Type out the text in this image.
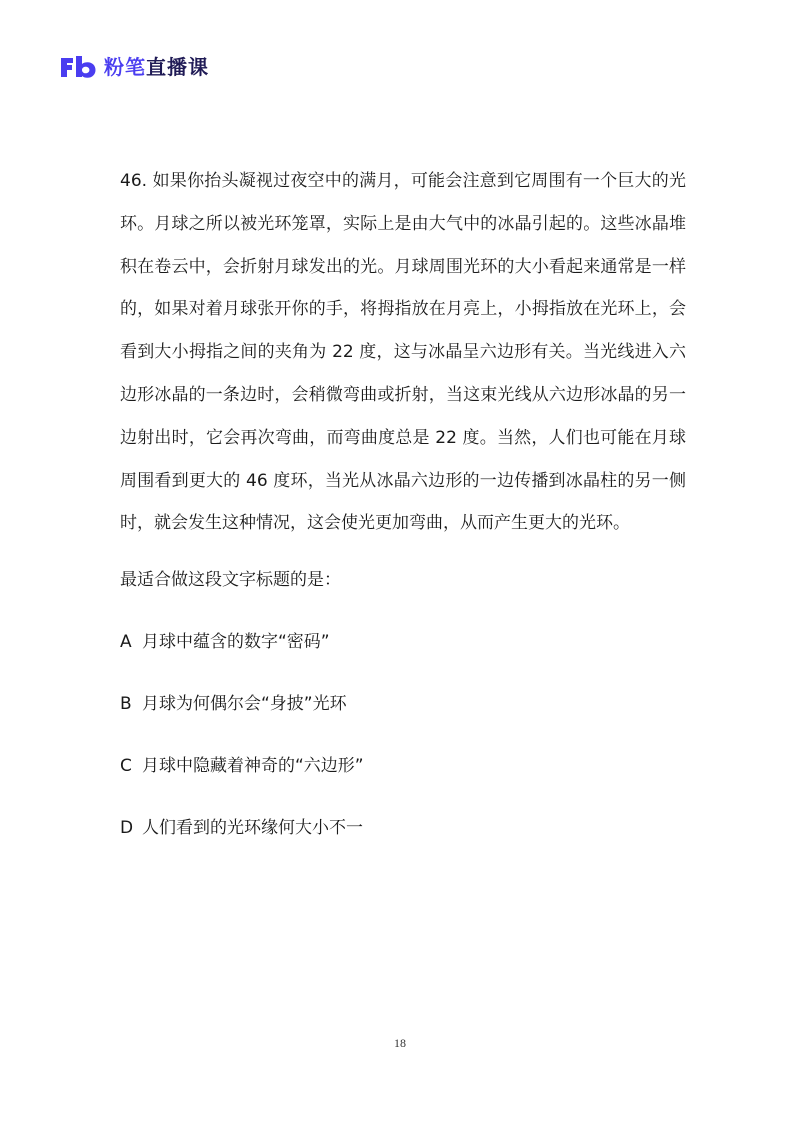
粉笔直播课

46. 如果你抬头凝视过夜空中的满月，可能会注意到它周围有一个巨大的光环。月球之所以被光环笼罩，实际上是由大气中的冰晶引起的。这些冰晶堆积在卷云中，会折射月球发出的光。月球周围光环的大小看起来通常是一样的，如果对着月球张开你的手，将拇指放在月亮上，小拇指放在光环上，会看到大小拇指之间的夹角为 22 度，这与冰晶呈六边形有关。当光线进入六边形冰晶的一条边时，会稍微弯曲或折射，当这束光线从六边形冰晶的另一边射出时，它会再次弯曲，而弯曲度总是 22 度。当然，人们也可能在月球周围看到更大的 46 度环，当光从冰晶六边形的一边传播到冰晶柱的另一侧时，就会发生这种情况，这会使光更加弯曲，从而产生更大的光环。

最适合做这段文字标题的是：

A 月球中蕴含的数字“密码”
B 月球为何偶尔会“身披”光环
C 月球中隐藏着神奇的“六边形”
D 人们看到的光环缘何大小不一
18
